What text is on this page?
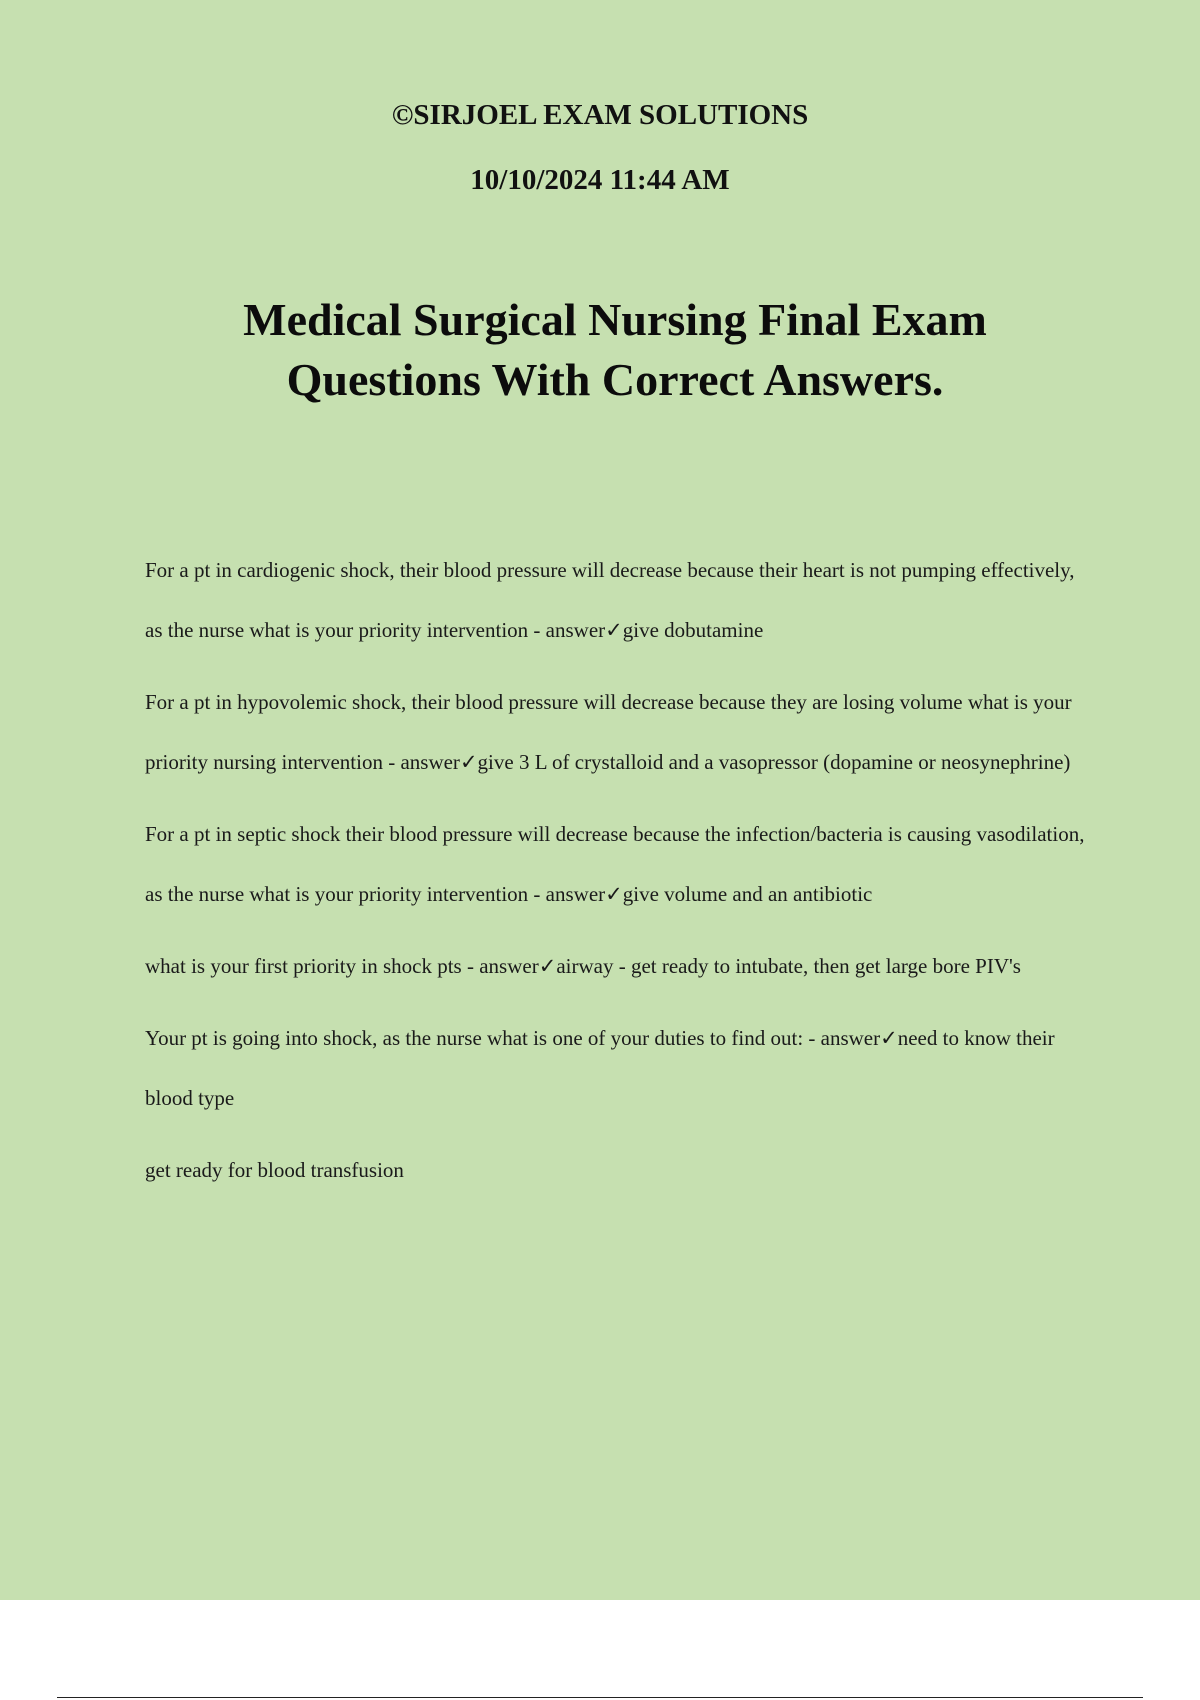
©SIRJOEL EXAM SOLUTIONS
10/10/2024 11:44 AM
Medical Surgical Nursing Final Exam Questions With Correct Answers.

For a pt in cardiogenic shock, their blood pressure will decrease because their heart is not pumping effectively, as the nurse what is your priority intervention - answer✓give dobutamine

For a pt in hypovolemic shock, their blood pressure will decrease because they are losing volume what is your priority nursing intervention - answer✓give 3 L of crystalloid and a vasopressor (dopamine or neosynephrine)

For a pt in septic shock their blood pressure will decrease because the infection/bacteria is causing vasodilation, as the nurse what is your priority intervention - answer✓give volume and an antibiotic

what is your first priority in shock pts - answer✓airway - get ready to intubate, then get large bore PIV's

Your pt is going into shock, as the nurse what is one of your duties to find out: - answer✓need to know their blood type

get ready for blood transfusion
